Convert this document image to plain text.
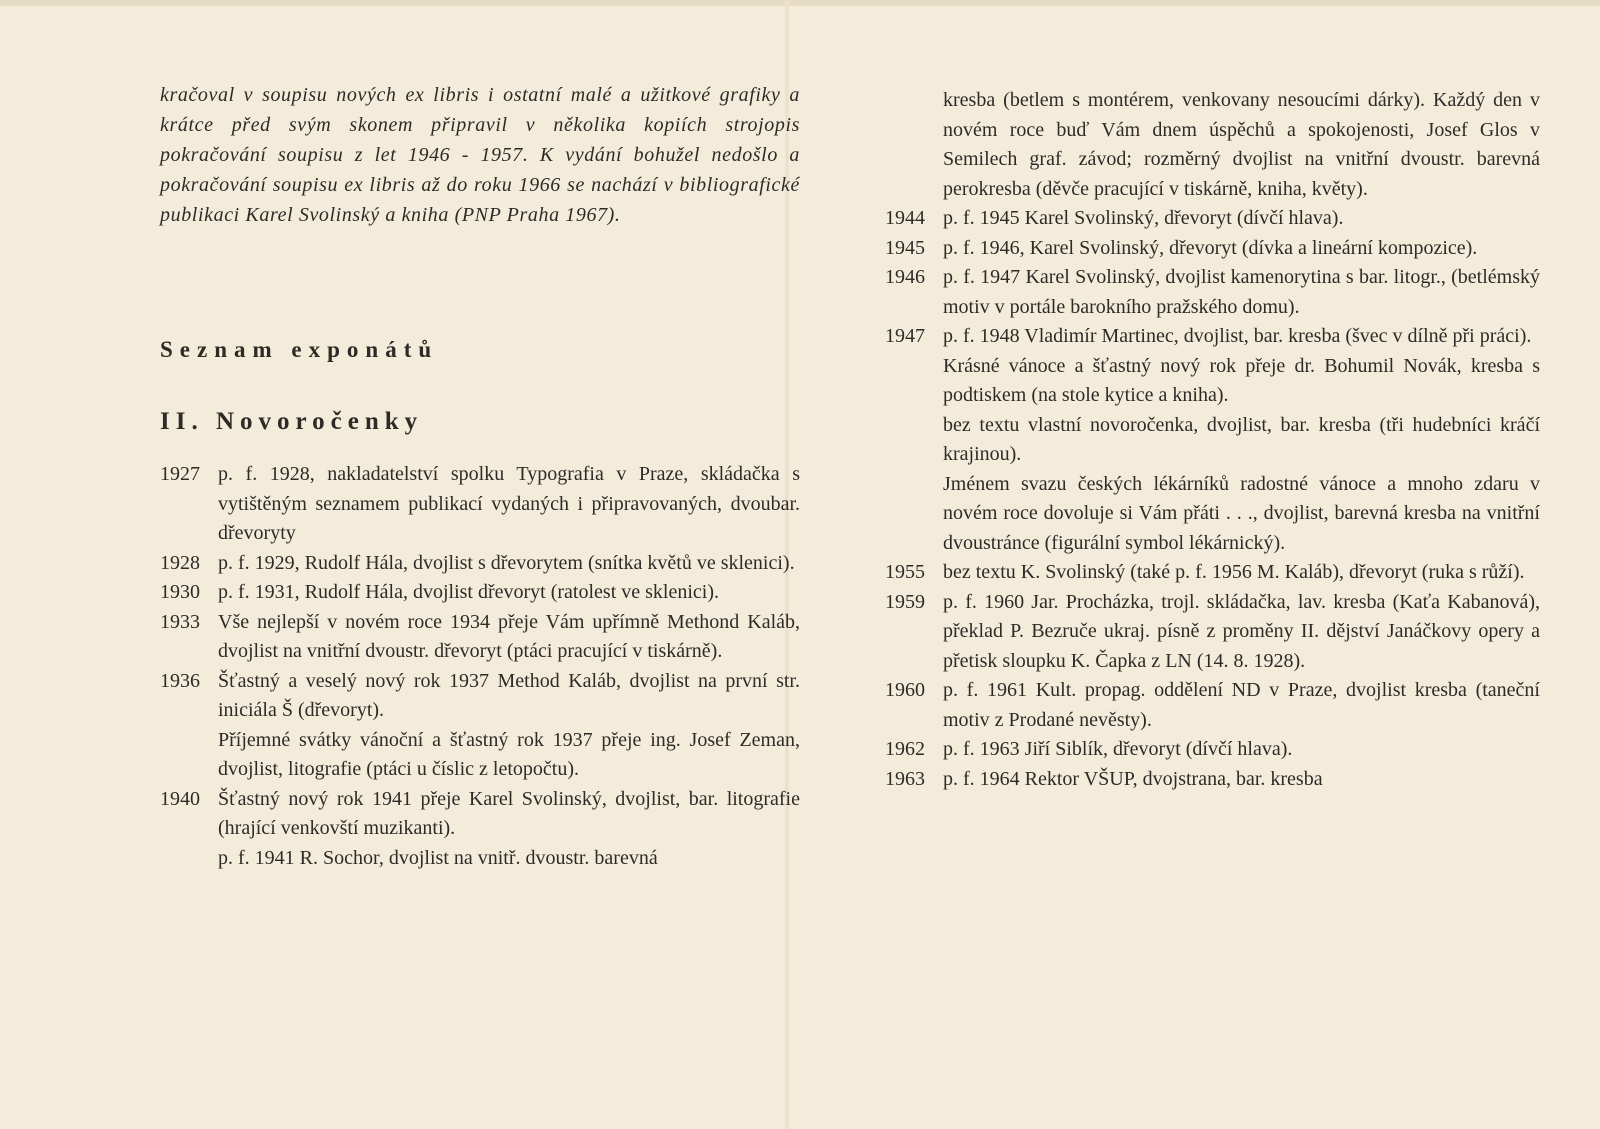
kračoval v soupisu nových ex libris i ostatní malé a užitkové grafiky a krátce před svým skonem připravil v několika kopiích strojopis pokračování soupisu z let 1946 - 1957. K vydání bohužel nedošlo a pokračování soupisu ex libris až do roku 1966 se nachází v bibliografické publikaci Karel Svolinský a kniha (PNP Praha 1967).
Seznam exponátů
II. Novoročenky
1927 p. f. 1928, nakladatelství spolku Typografia v Praze, skládačka s vytištěným seznamem publikací vydaných i připravovaných, dvoubar. dřevoryty
1928 p. f. 1929, Rudolf Hála, dvojlist s dřevorytem (snítka květů ve sklenici).
1930 p. f. 1931, Rudolf Hála, dvojlist dřevoryt (ratolest ve sklenici).
1933 Vše nejlepší v novém roce 1934 přeje Vám upřímně Methond Kaláb, dvojlist na vnitřní dvoustr. dřevoryt (ptáci pracující v tiskárně).
1936 Šťastný a veselý nový rok 1937 Method Kaláb, dvojlist na první str. iniciála Š (dřevoryt).
Příjemné svátky vánoční a šťastný rok 1937 přeje ing. Josef Zeman, dvojlist, litografie (ptáci u číslic z letopočtu).
1940 Šťastný nový rok 1941 přeje Karel Svolinský, dvojlist, bar. litografie (hrající venkovští muzikanti).
p. f. 1941 R. Sochor, dvojlist na vnitř. dvoustr. barevná
kresba (betlem s montérem, venkovany nesoucími dárky). Každý den v novém roce buď Vám dnem úspěchů a spokojenosti, Josef Glos v Semilech graf. závod; rozměrný dvojlist na vnitřní dvoustr. barevná perokresba (děvče pracující v tiskárně, kniha, květy).
1944 p. f. 1945 Karel Svolinský, dřevoryt (dívčí hlava).
1945 p. f. 1946, Karel Svolinský, dřevoryt (dívka a lineární kompozice).
1946 p. f. 1947 Karel Svolinský, dvojlist kamenorytina s bar. litogr., (betlémský motiv v portále barokního pražského domu).
1947 p. f. 1948 Vladimír Martinec, dvojlist, bar. kresba (švec v dílně při práci).
Krásné vánoce a šťastný nový rok přeje dr. Bohumil Novák, kresba s podtiskem (na stole kytice a kniha).
bez textu vlastní novoročenka, dvojlist, bar. kresba (tři hudebníci kráčí krajinou).
Jménem svazu českých lékárníků radostné vánoce a mnoho zdaru v novém roce dovoluje si Vám přáti . . ., dvojlist, barevná kresba na vnitřní dvoustránce (figurální symbol lékárnický).
1955 bez textu K. Svolinský (také p. f. 1956 M. Kaláb), dřevoryt (ruka s růží).
1959 p. f. 1960 Jar. Procházka, trojl. skládačka, lav. kresba (Kaťa Kabanová), překlad P. Bezruče ukraj. písně z proměny II. dějství Janáčkovy opery a přetisk sloupku K. Čapka z LN (14. 8. 1928).
1960 p. f. 1961 Kult. propag. oddělení ND v Praze, dvojlist kresba (taneční motiv z Prodané nevěsty).
1962 p. f. 1963 Jiří Siblík, dřevoryt (dívčí hlava).
1963 p. f. 1964 Rektor VŠUP, dvojstrana, bar. kresba
